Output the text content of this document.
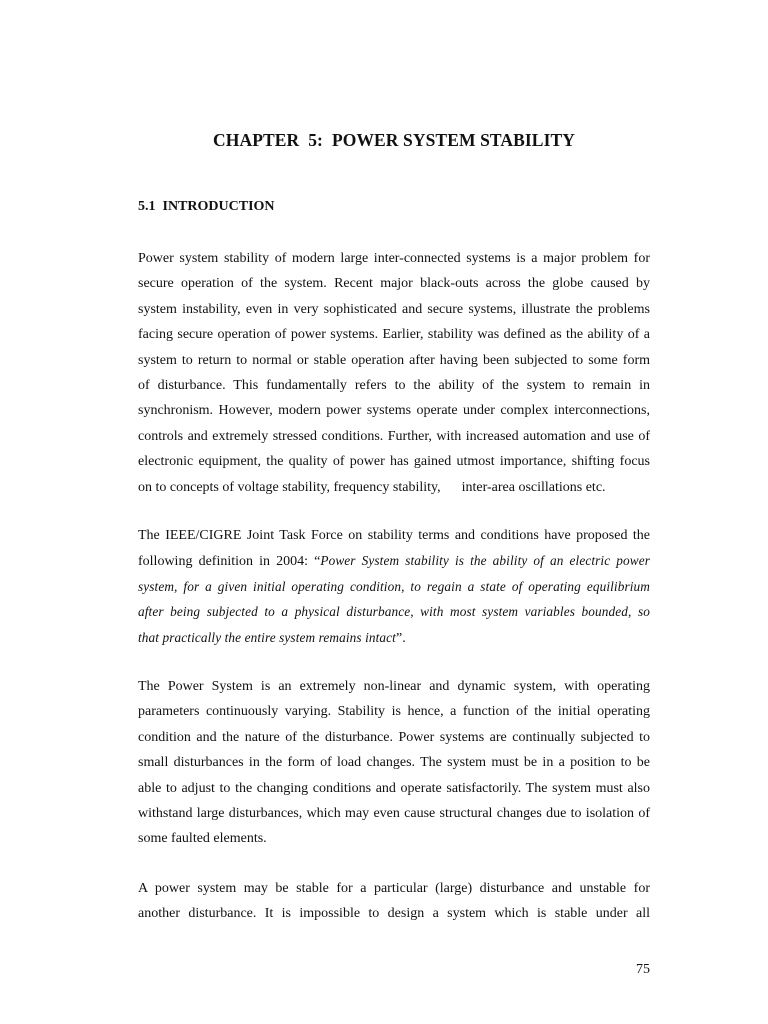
CHAPTER  5:  POWER SYSTEM STABILITY
5.1  INTRODUCTION
Power system stability of modern large inter-connected systems is a major problem for
secure operation of the system. Recent major black-outs across the globe caused by
system instability, even in very sophisticated and secure systems, illustrate the problems
facing secure operation of power systems. Earlier, stability was defined as the ability of a
system to return to normal or stable operation after having been subjected to some form
of disturbance. This fundamentally refers to the ability of the system to remain in
synchronism. However, modern power systems operate under complex interconnections,
controls and extremely stressed conditions. Further, with increased automation and use of
electronic equipment, the quality of power has gained utmost importance, shifting focus
on to concepts of voltage stability, frequency stability,      inter-area oscillations etc.
The IEEE/CIGRE Joint Task Force on stability terms and conditions have proposed the
following definition in 2004: “Power System stability is the ability of an electric power
system, for a given initial operating condition, to regain a state of operating equilibrium
after being subjected to a physical disturbance, with most system variables bounded, so
that practically the entire system remains intact”.
The Power System is an extremely non-linear and dynamic system, with operating
parameters continuously varying. Stability is hence, a function of the initial operating
condition and the nature of the disturbance. Power systems are continually subjected to
small disturbances in the form of load changes. The system must be in a position to be
able to adjust to the changing conditions and operate satisfactorily. The system must also
withstand large disturbances, which may even cause structural changes due to isolation of
some faulted elements.
A power system may be stable for a particular (large) disturbance and unstable for
another disturbance. It is impossible to design a system which is stable under all

75
